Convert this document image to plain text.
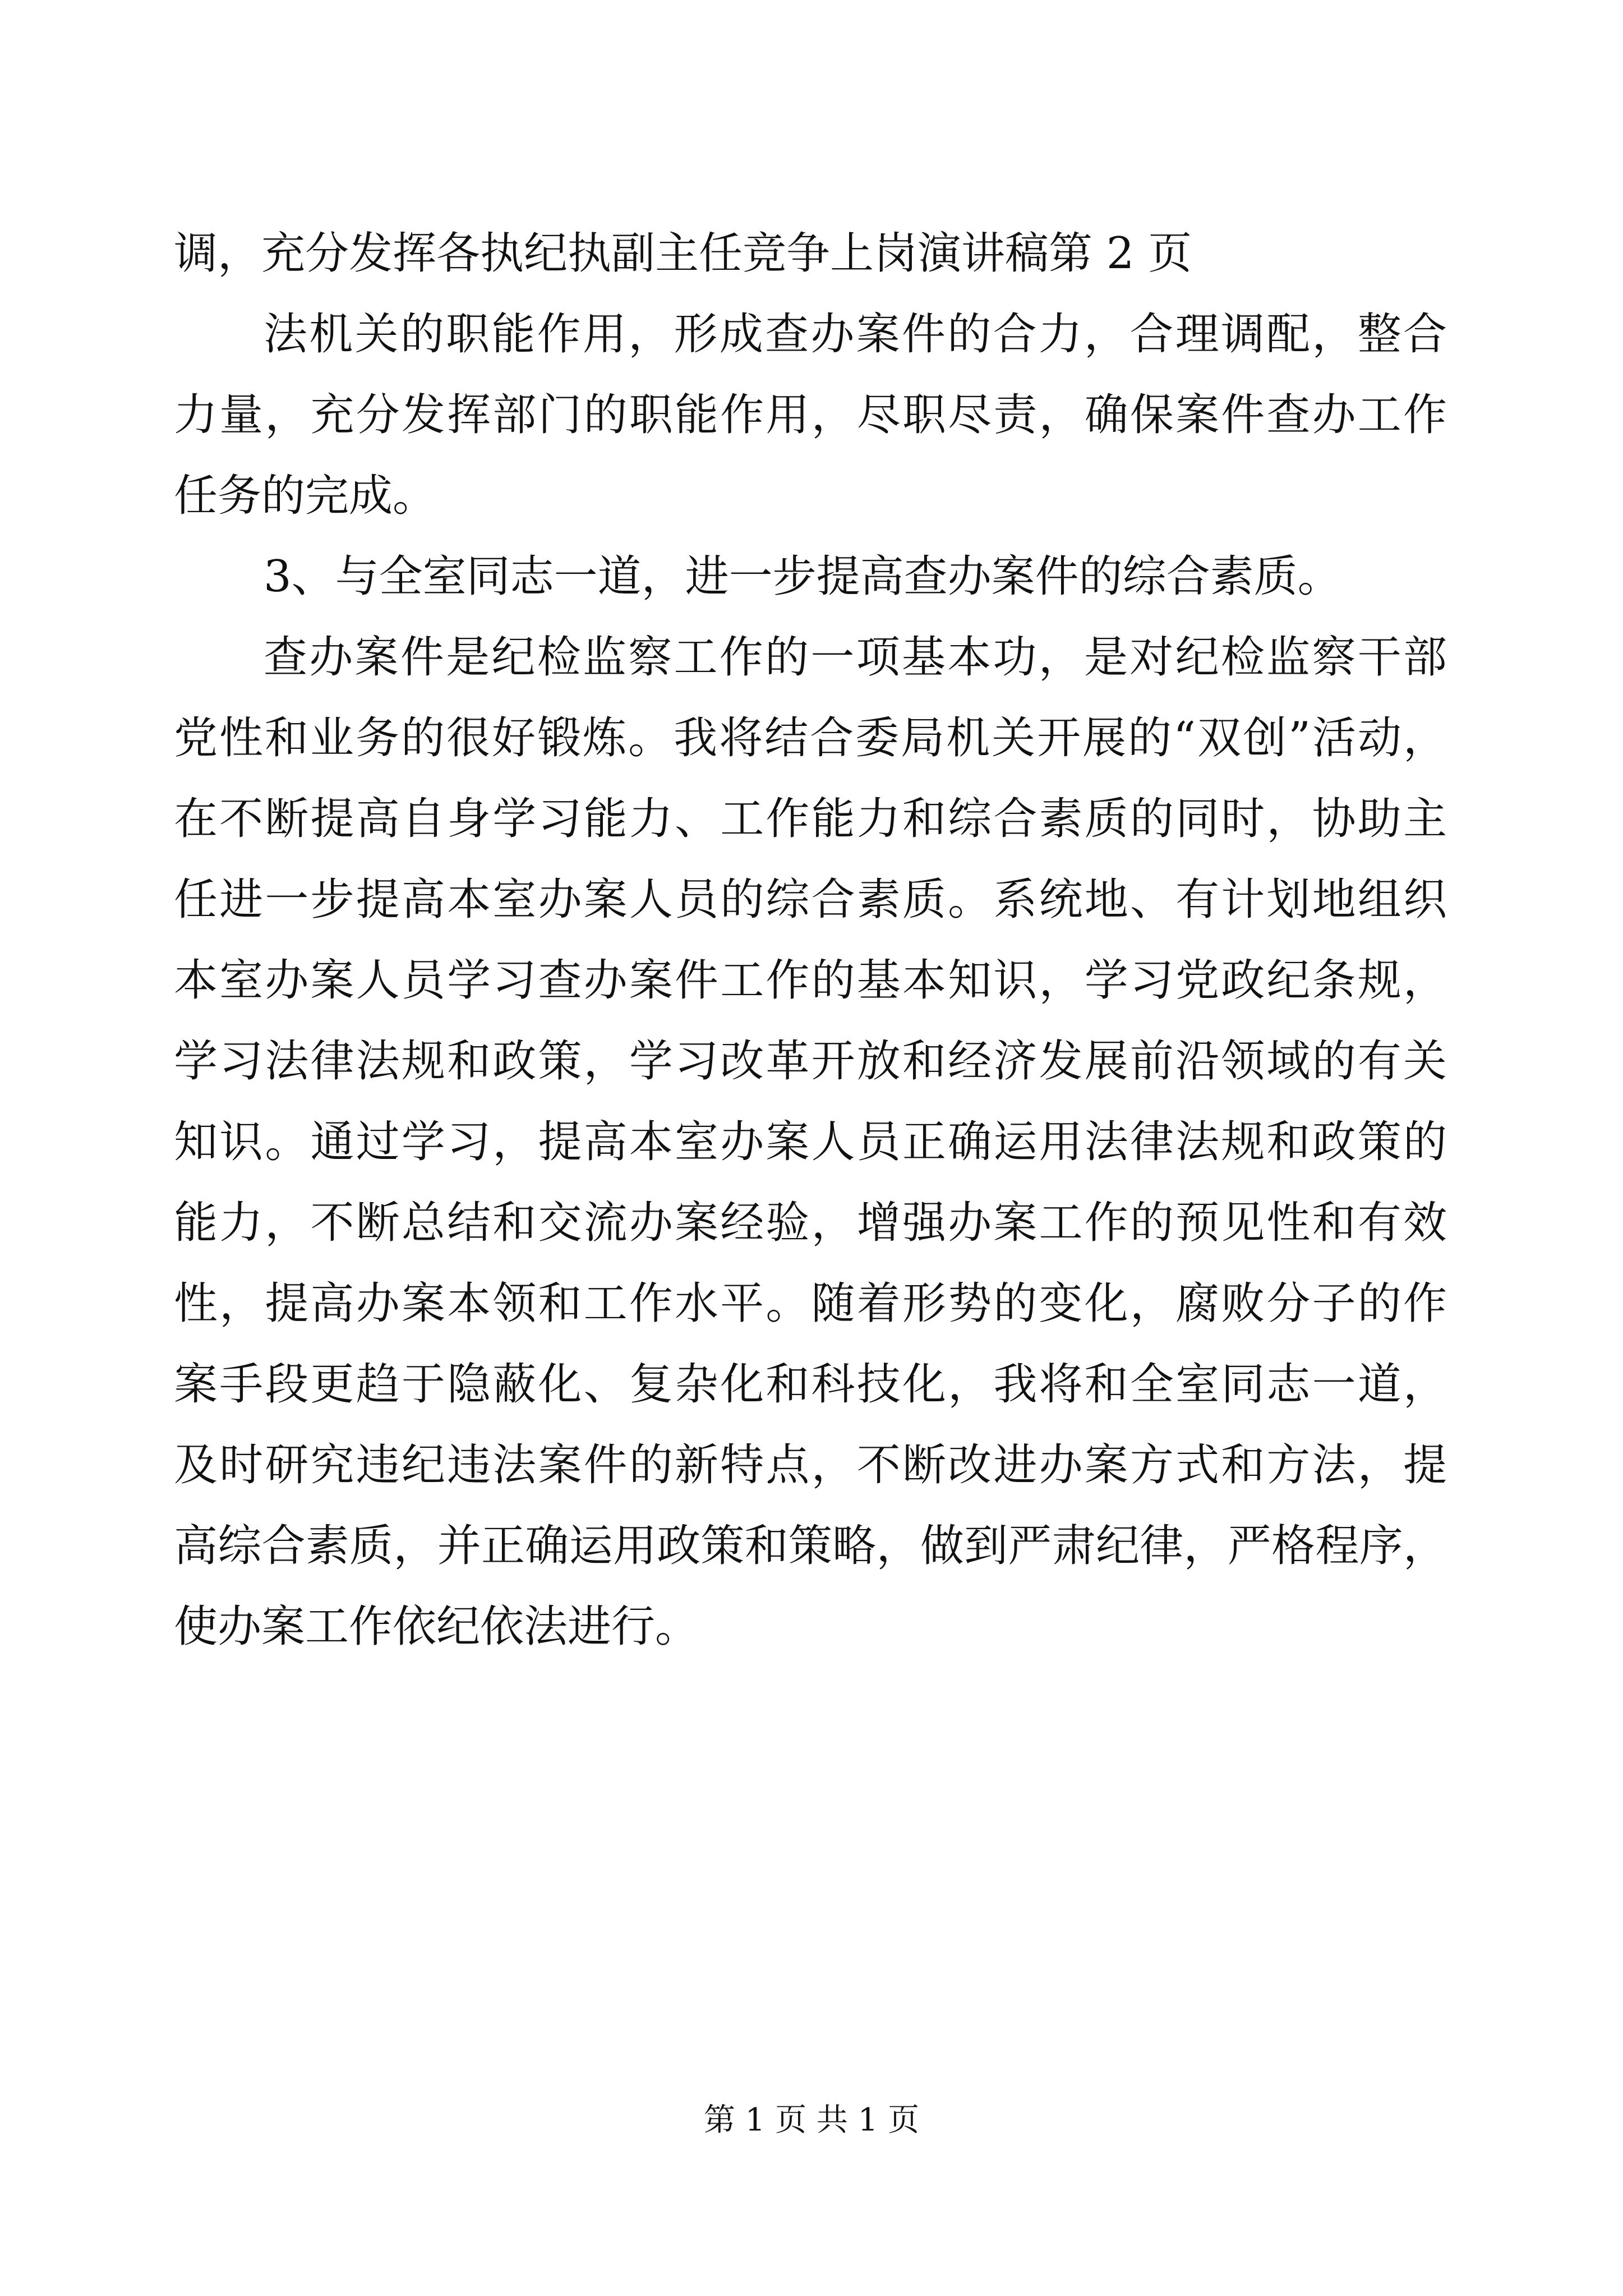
调，充分发挥各执纪执副主任竞争上岗演讲稿第 2 页
法机关的职能作用，形成查办案件的合力，合理调配，整合
力量，充分发挥部门的职能作用，尽职尽责，确保案件查办工作
任务的完成。
3、与全室同志一道，进一步提高查办案件的综合素质。
查办案件是纪检监察工作的一项基本功，是对纪检监察干部
党性和业务的很好锻炼。我将结合委局机关开展的“双创”活动，
在不断提高自身学习能力、工作能力和综合素质的同时，协助主
任进一步提高本室办案人员的综合素质。系统地、有计划地组织
本室办案人员学习查办案件工作的基本知识，学习党政纪条规，
学习法律法规和政策，学习改革开放和经济发展前沿领域的有关
知识。通过学习，提高本室办案人员正确运用法律法规和政策的
能力，不断总结和交流办案经验，增强办案工作的预见性和有效
性，提高办案本领和工作水平。随着形势的变化，腐败分子的作
案手段更趋于隐蔽化、复杂化和科技化，我将和全室同志一道，
及时研究违纪违法案件的新特点，不断改进办案方式和方法，提
高综合素质，并正确运用政策和策略，做到严肃纪律，严格程序，
使办案工作依纪依法进行。
第 1 页 共 1 页
